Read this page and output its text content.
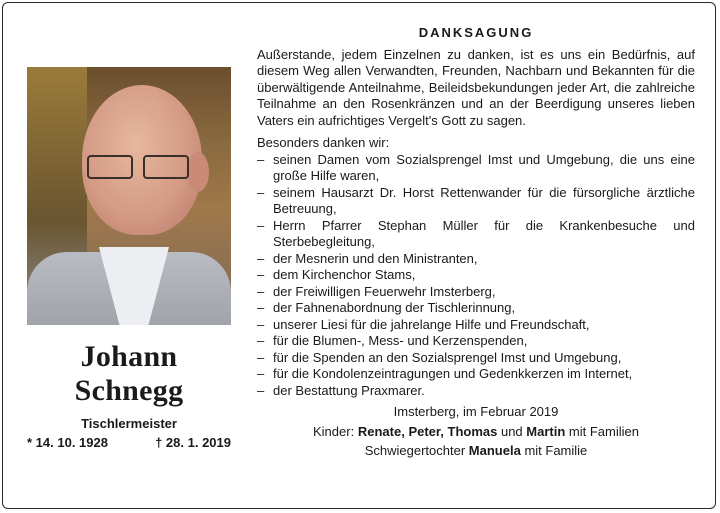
Johann
Schnegg
Tischlermeister
* 14. 10. 1928	† 28. 1. 2019
DANKSAGUNG

Außerstande, jedem Einzelnen zu danken, ist es uns ein Bedürfnis, auf diesem Weg allen Verwandten, Freunden, Nachbarn und Bekannten für die überwältigende Anteilnahme, Beileidsbekundungen jeder Art, die zahlreiche Teilnahme an den Rosenkränzen und an der Beerdigung unseres lieben Vaters ein aufrichtiges Vergelt's Gott zu sagen.

Besonders danken wir:

– seinen Damen vom Sozialsprengel Imst und Umgebung, die uns eine große Hilfe waren,
– seinem Hausarzt Dr. Horst Rettenwander für die fürsorgliche ärztliche Betreuung,
– Herrn Pfarrer Stephan Müller für die Krankenbesuche und Sterbebegleitung,
– der Mesnerin und den Ministranten,
– dem Kirchenchor Stams,
– der Freiwilligen Feuerwehr Imsterberg,
– der Fahnenabordnung der Tischlerinnung,
– unserer Liesi für die jahrelange Hilfe und Freundschaft,
– für die Blumen-, Mess- und Kerzenspenden,
– für die Spenden an den Sozialsprengel Imst und Umgebung,
– für die Kondolenzeintragungen und Gedenkkerzen im Internet,
– der Bestattung Praxmarer.
Imsterberg, im Februar 2019
Kinder: Renate, Peter, Thomas und Martin mit Familien
Schwiegertochter Manuela mit Familie
